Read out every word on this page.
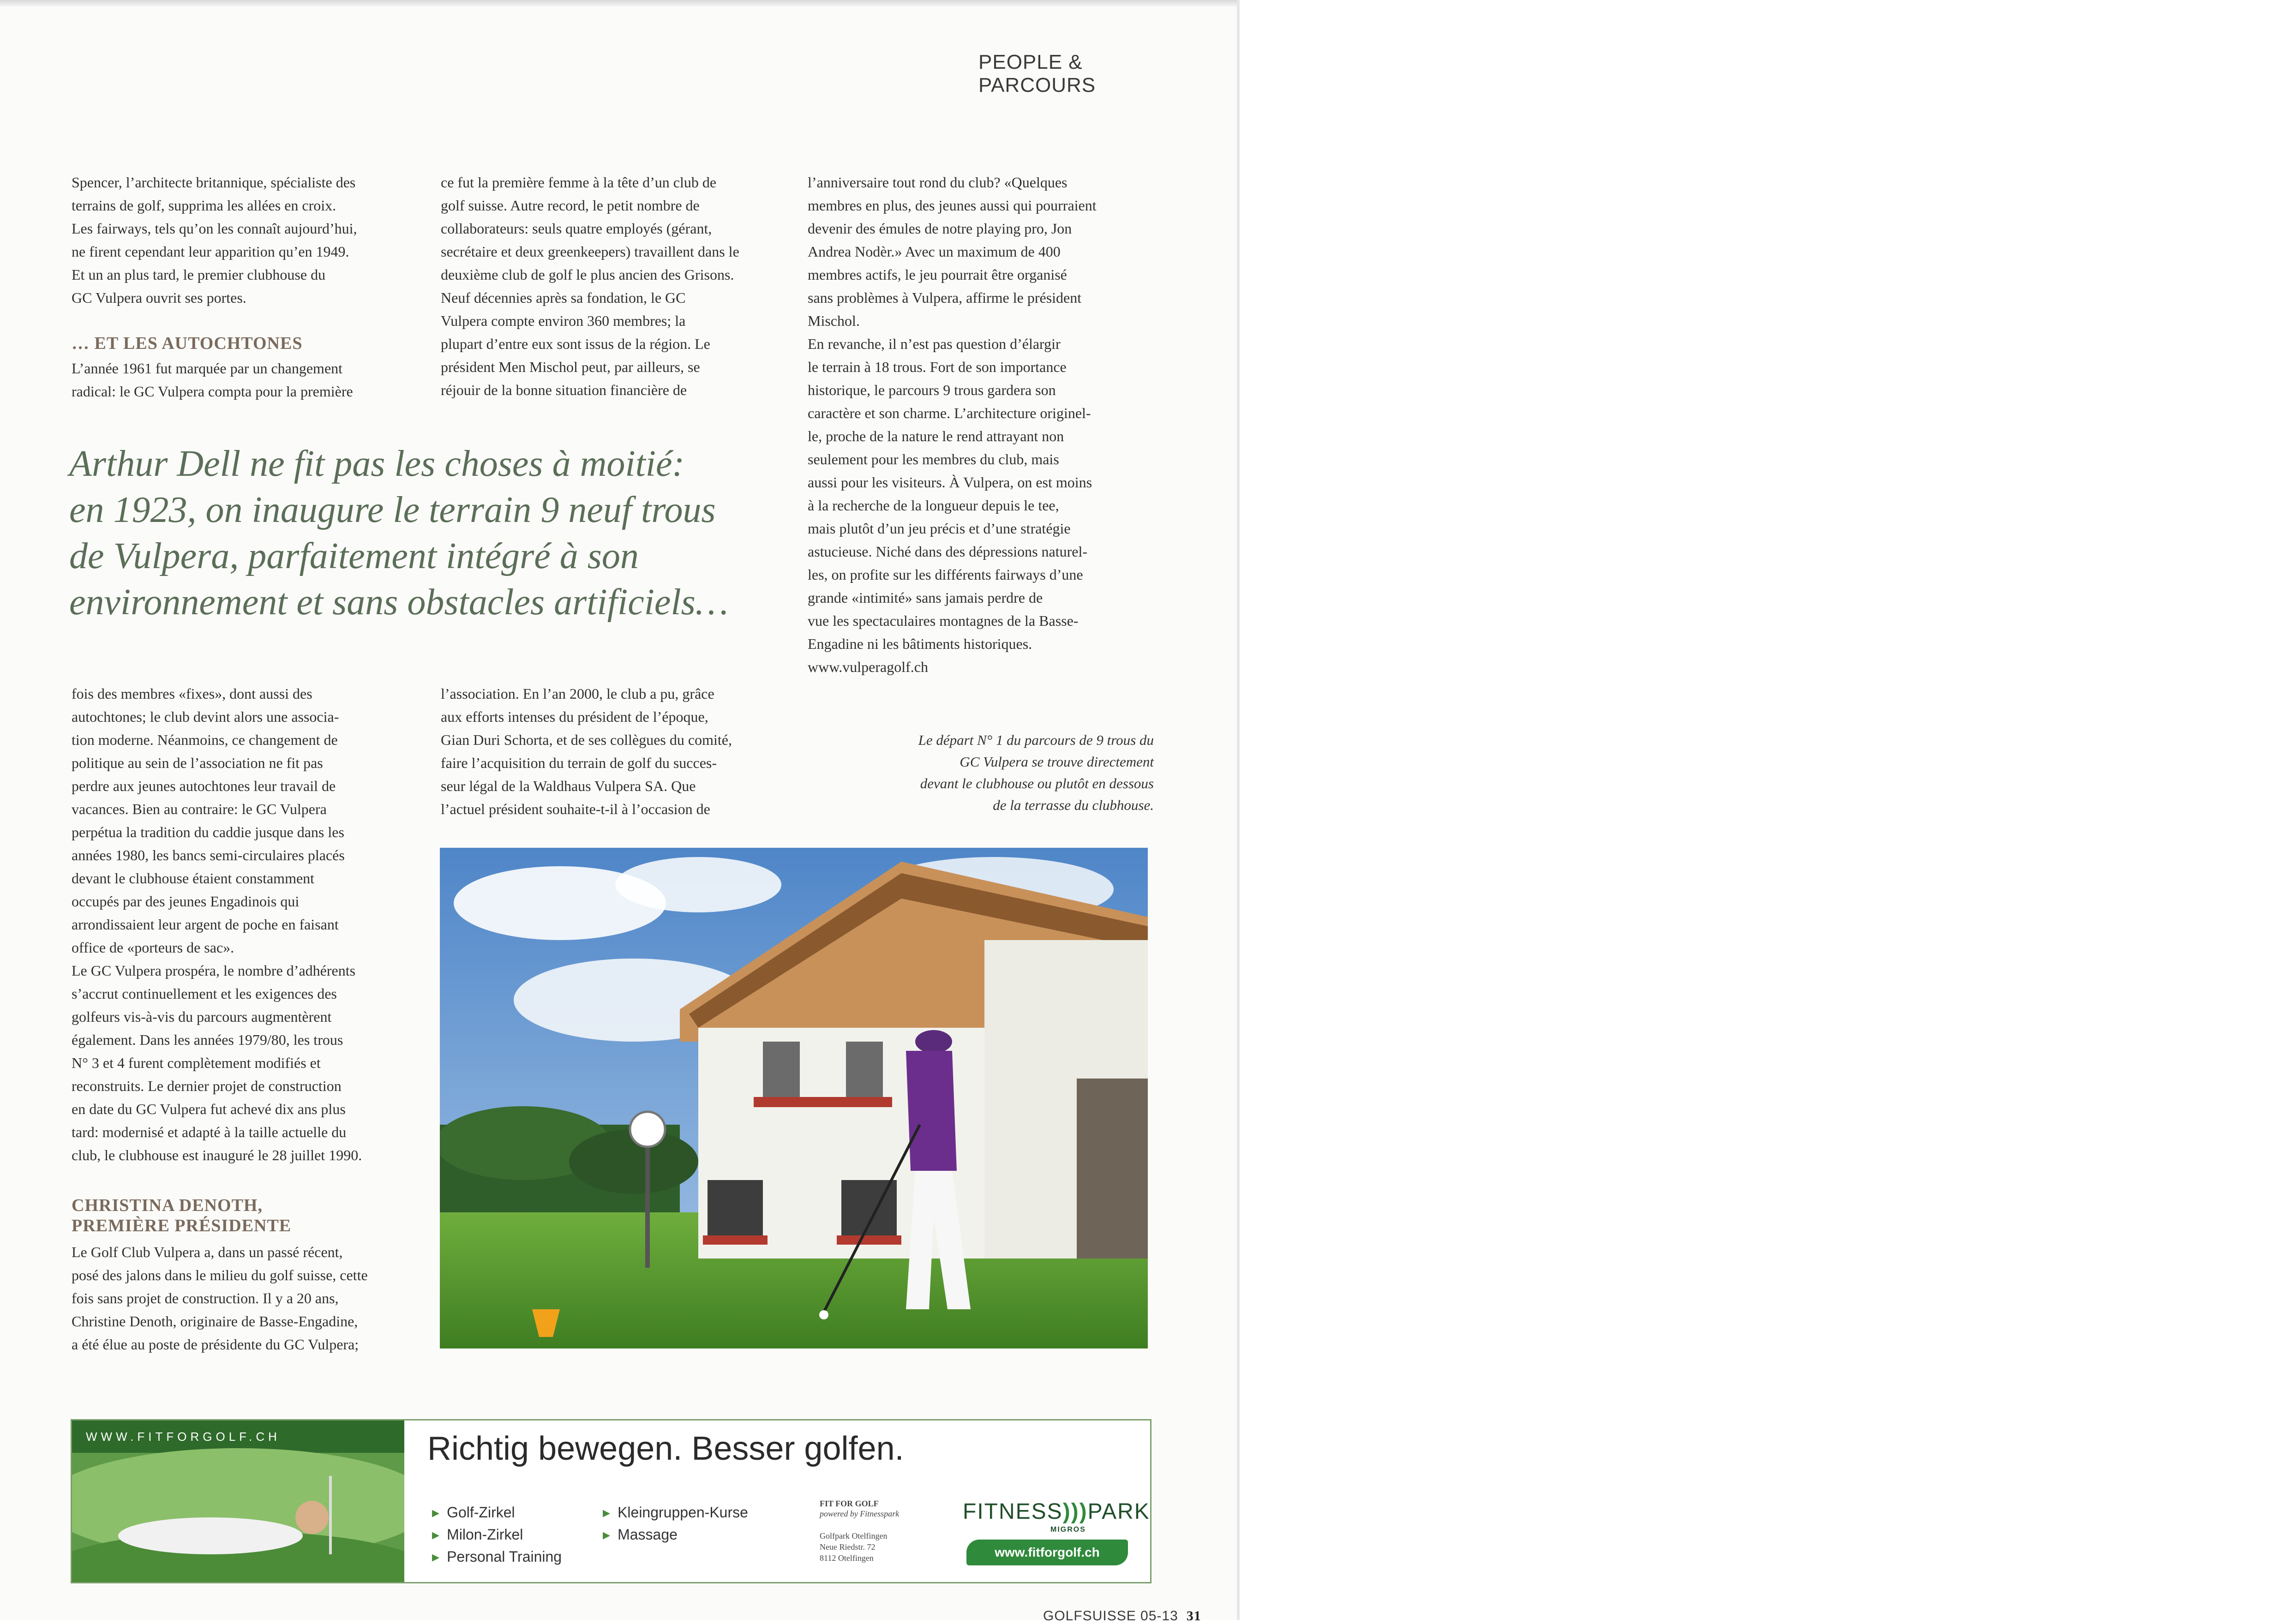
PEOPLE & PARCOURS
Spencer, l’architecte britannique, spécialiste des
terrains de golf, supprima les allées en croix.
Les fairways, tels qu’on les connaît aujourd’hui,
ne firent cependant leur apparition qu’en 1949.
Et un an plus tard, le premier clubhouse du
GC Vulpera ouvrit ses portes.
… ET LES AUTOCHTONES
L’année 1961 fut marquée par un changement
radical: le GC Vulpera compta pour la première
ce fut la première femme à la tête d’un club de
golf suisse. Autre record, le petit nombre de
collaborateurs: seuls quatre employés (gérant,
secrétaire et deux greenkeepers) travaillent dans le
deuxième club de golf le plus ancien des Grisons.
Neuf décennies après sa fondation, le GC
Vulpera compte environ 360 membres; la
plupart d’entre eux sont issus de la région. Le
président Men Mischol peut, par ailleurs, se
réjouir de la bonne situation financière de
l’anniversaire tout rond du club? «Quelques
membres en plus, des jeunes aussi qui pourraient
devenir des émules de notre playing pro, Jon
Andrea Nodèr.» Avec un maximum de 400
membres actifs, le jeu pourrait être organisé
sans problèmes à Vulpera, affirme le président
Mischol.
En revanche, il n’est pas question d’élargir
le terrain à 18 trous. Fort de son importance
historique, le parcours 9 trous gardera son
caractère et son charme. L’architecture originel-
le, proche de la nature le rend attrayant non
seulement pour les membres du club, mais
aussi pour les visiteurs. À Vulpera, on est moins
à la recherche de la longueur depuis le tee,
mais plutôt d’un jeu précis et d’une stratégie
astucieuse. Niché dans des dépressions naturel-
les, on profite sur les différents fairways d’une
grande «intimité» sans jamais perdre de
vue les spectaculaires montagnes de la Basse-
Engadine ni les bâtiments historiques.
www.vulperagolf.ch
Arthur Dell ne fit pas les choses à moitié:
en 1923, on inaugure le terrain 9 neuf trous
de Vulpera, parfaitement intégré à son
environnement et sans obstacles artificiels…
fois des membres «fixes», dont aussi des
autochtones; le club devint alors une associa-
tion moderne. Néanmoins, ce changement de
politique au sein de l’association ne fit pas
perdre aux jeunes autochtones leur travail de
vacances. Bien au contraire: le GC Vulpera
perpétua la tradition du caddie jusque dans les
années 1980, les bancs semi-circulaires placés
devant le clubhouse étaient constamment
occupés par des jeunes Engadinois qui
arrondissaient leur argent de poche en faisant
office de «porteurs de sac».
Le GC Vulpera prospéra, le nombre d’adhérents
s’accrut continuellement et les exigences des
golfeurs vis-à-vis du parcours augmentèrent
également. Dans les années 1979/80, les trous
N° 3 et 4 furent complètement modifiés et
reconstruits. Le dernier projet de construction
en date du GC Vulpera fut achevé dix ans plus
tard: modernisé et adapté à la taille actuelle du
club, le clubhouse est inauguré le 28 juillet 1990.
CHRISTINA DENOTH,
PREMIÈRE PRÉSIDENTE
Le Golf Club Vulpera a, dans un passé récent,
posé des jalons dans le milieu du golf suisse, cette
fois sans projet de construction. Il y a 20 ans,
Christine Denoth, originaire de Basse-Engadine,
a été élue au poste de présidente du GC Vulpera;
l’association. En l’an 2000, le club a pu, grâce
aux efforts intenses du président de l’époque,
Gian Duri Schorta, et de ses collègues du comité,
faire l’acquisition du terrain de golf du succes-
seur légal de la Waldhaus Vulpera SA. Que
l’actuel président souhaite-t-il à l’occasion de
Le départ N° 1 du parcours de 9 trous du
GC Vulpera se trouve directement
devant le clubhouse ou plutôt en dessous
de la terrasse du clubhouse.
WWW.FITFORGOLF.CH	Richtig bewegen. Besser golfen.
▸ Golf-Zirkel
▸ Milon-Zirkel
▸ Personal Training
▸ Kleingruppen-Kurse
▸ Massage
FIT FOR GOLF
powered by Fitnesspark
Golfpark Otelfingen
Neue Riedstr. 72
8112 Otelfingen
FITNESS)))PARK
MIGROS
www.fitforgolf.ch
GOLFSUISSE 05-13 31
